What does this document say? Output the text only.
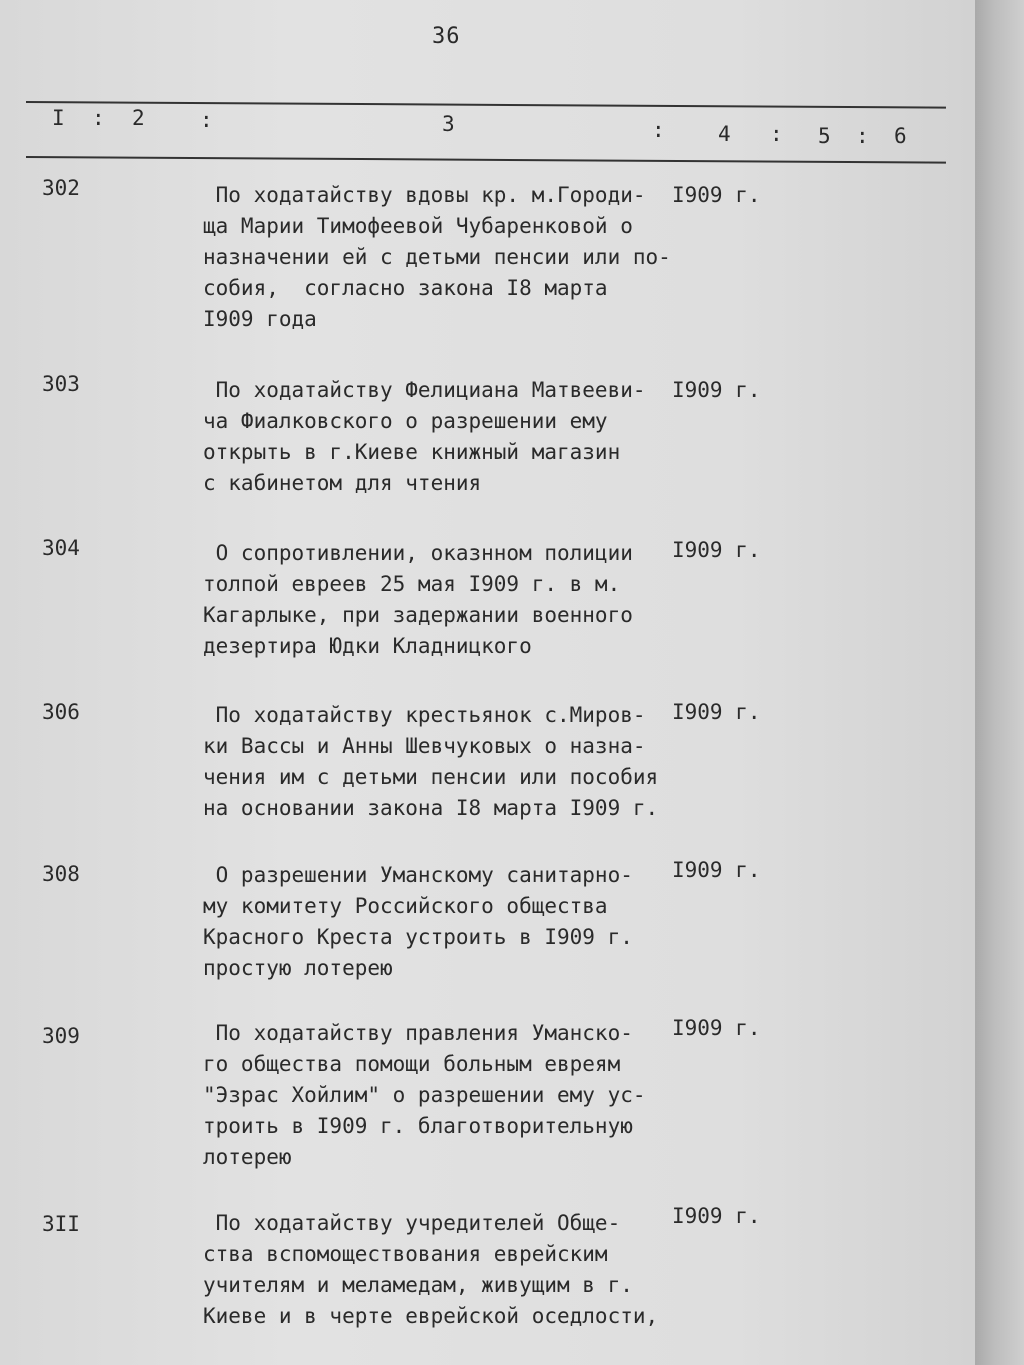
36
I : 2	:	3	:	4 : 5 : 6
302	По ходатайству вдовы кр. м.Городи-
ща Марии Тимофеевой Чубаренковой о
назначении ей с детьми пенсии или по-
собия,  согласно закона I8 марта
I909 года
I909 г.
303	По ходатайству Фелициана Матвееви-
ча Фиалковского о разрешении ему
открыть в г.Киеве книжный магазин
с кабинетом для чтения
I909 г.
304	О сопротивлении, оказнном полиции
толпой евреев 25 мая I909 г. в м.
Кагарлыке, при задержании военного
дезертира Юдки Кладницкого
I909 г.
306	По ходатайству крестьянок с.Миров-
ки Вассы и Анны Шевчуковых о назна-
чения им с детьми пенсии или пособия
на основании закона I8 марта I909 г.
I909 г.
308	О разрешении Уманскому санитарно-
му комитету Российского общества
Красного Креста устроить в I909 г.
простую лотерею
I909 г.
309	По ходатайству правления Уманско-
го общества помощи больным евреям
"Эзрас Хойлим" о разрешении ему ус-
троить в I909 г. благотворительную
лотерею
I909 г.
3II	По ходатайству учредителей Обще-
ства вспомоществования еврейским
учителям и меламедам, живущим в г.
Киеве и в черте еврейской оседлости,
I909 г.
